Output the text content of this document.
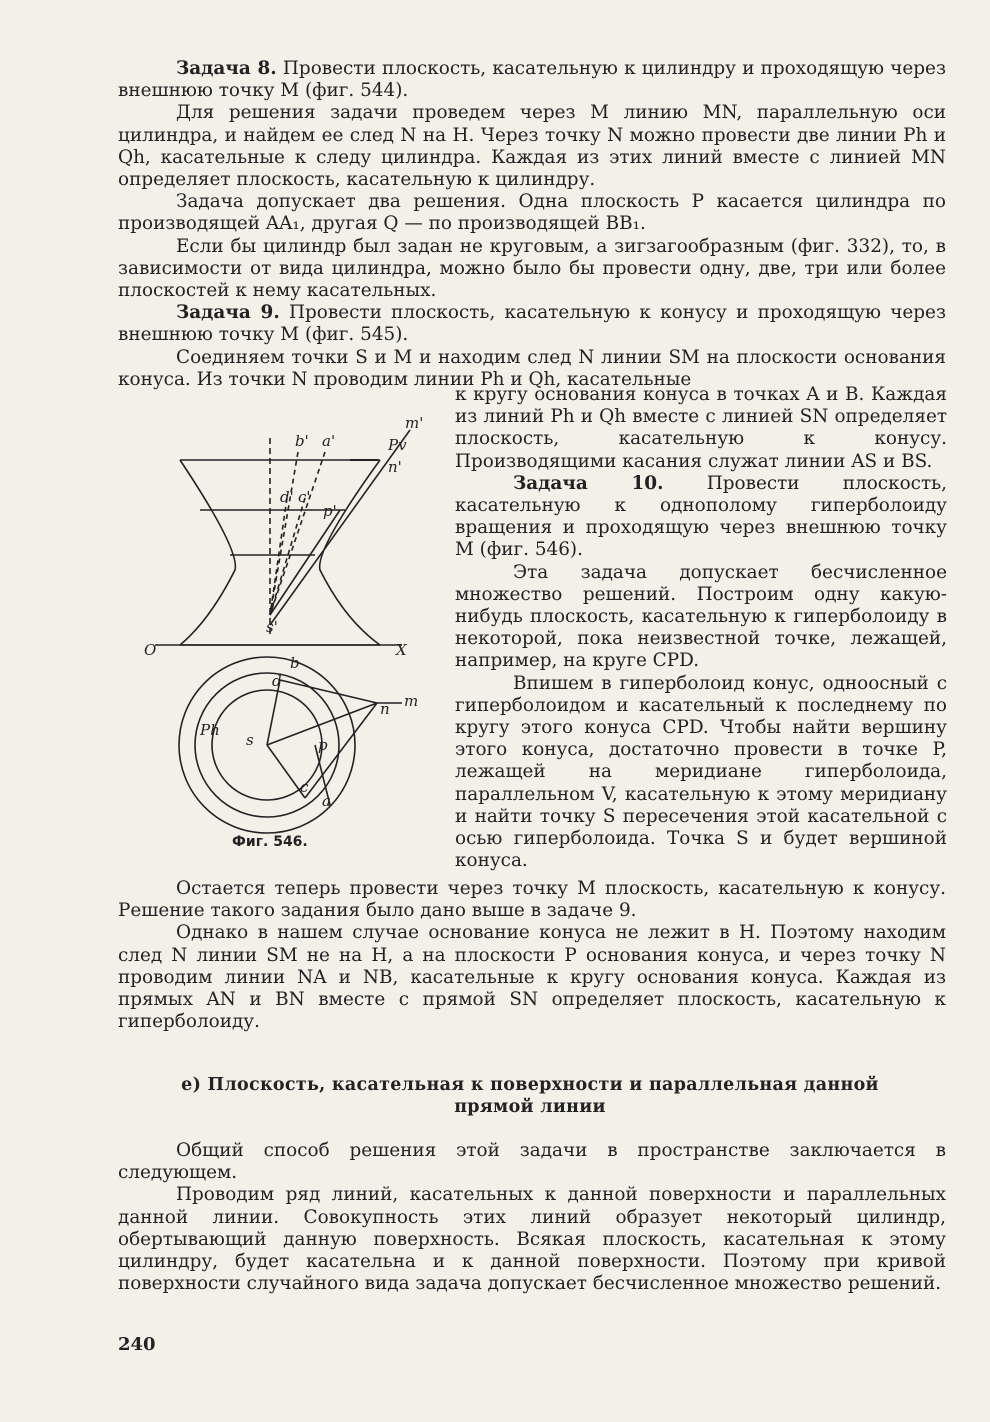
Задача 8. Провести плоскость, касательную к цилиндру и проходящую через внешнюю точку M (фиг. 544).

Для решения задачи проведем через M линию MN, параллельную оси цилиндра, и найдем ее след N на H. Через точку N можно провести две линии Ph и Qh, касательные к следу цилиндра. Каждая из этих линий вместе с линией MN определяет плоскость, касательную к цилиндру.

Задача допускает два решения. Одна плоскость P касается цилиндра по производящей AA₁, другая Q — по производящей BB₁.

Если бы цилиндр был задан не круговым, а зигзагообразным (фиг. 332), то, в зависимости от вида цилиндра, можно было бы провести одну, две, три или более плоскостей к нему касательных.

Задача 9. Провести плоскость, касательную к конусу и проходящую через внешнюю точку M (фиг. 545).

Соединяем точки S и M и находим след N линии SM на плоскости основания конуса. Из точки N проводим линии Ph и Qh, касательные

к кругу основания конуса в точках A и B. Каждая из линий Ph и Qh вместе с линией SN определяет плоскость, касательную к конусу. Производящими касания служат линии AS и BS.

Задача 10. Провести плоскость, касательную к однополому гиперболоиду вращения и проходящую через внешнюю точку M (фиг. 546).

Эта задача допускает бесчисленное множество решений. Построим одну какую-нибудь плоскость, касательную к гиперболоиду в некоторой, пока неизвестной точке, лежащей, например, на круге CPD.

Впишем в гиперболоид конус, одноосный с гиперболоидом и касательный к последнему по кругу этого конуса CPD. Чтобы найти вершину этого конуса, достаточно провести в точке P, лежащей на меридиане гиперболоида, параллельном V, касательную к этому меридиану и найти точку S пересечения этой касательной с осью гиперболоида. Точка S и будет вершиной конуса.

m'
b' a'	Pv
n'
d' c'
p'
s'
O	X
b
d
n m
Ph
s	p
c
a
Фиг. 546.

Остается теперь провести через точку M плоскость, касательную к конусу. Решение такого задания было дано выше в задаче 9.

Однако в нашем случае основание конуса не лежит в H. Поэтому находим след N линии SM не на H, а на плоскости P основания конуса, и через точку N проводим линии NA и NB, касательные к кругу основания конуса. Каждая из прямых AN и BN вместе с прямой SN определяет плоскость, касательную к гиперболоиду.

е) Плоскость, касательная к поверхности и параллельная данной прямой линии

Общий способ решения этой задачи в пространстве заключается в следующем.

Проводим ряд линий, касательных к данной поверхности и параллельных данной линии. Совокупность этих линий образует некоторый цилиндр, обертывающий данную поверхность. Всякая плоскость, касательная к этому цилиндру, будет касательна и к данной поверхности. Поэтому при кривой поверхности случайного вида задача допускает бесчисленное множество решений.

240
